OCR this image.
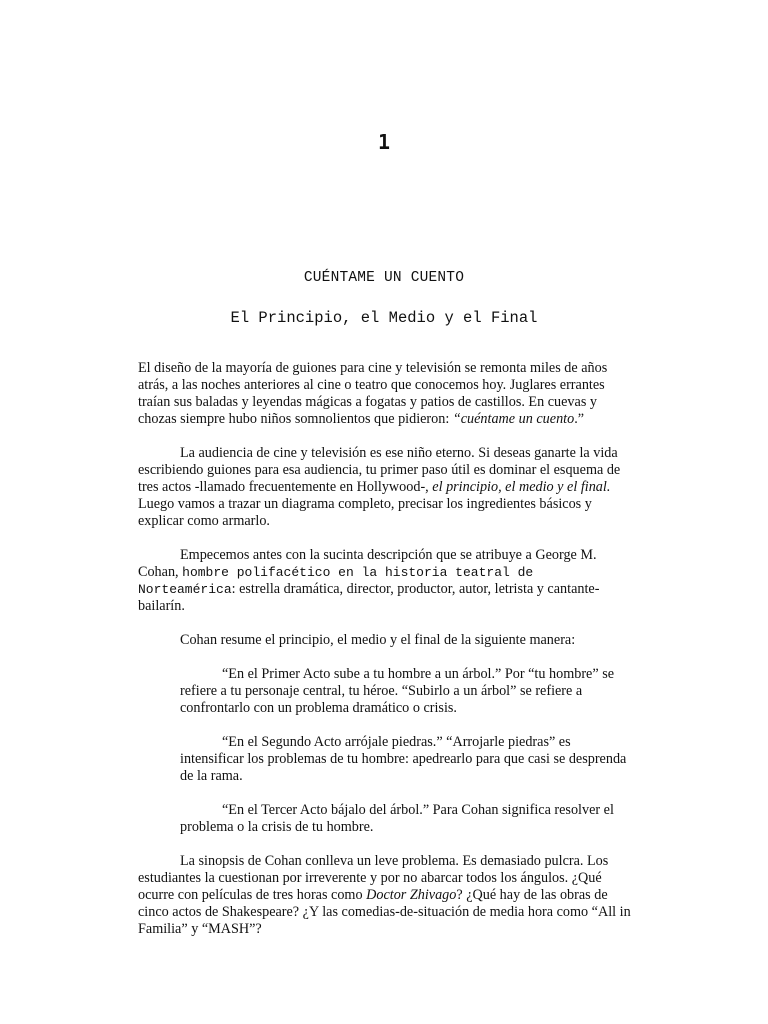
1
CUÉNTAME UN CUENTO
El Principio, el Medio y el Final

El diseño de la mayoría de guiones para cine y televisión se remonta miles de años atrás, a las noches anteriores al cine o teatro que conocemos hoy. Juglares errantes traían sus baladas y leyendas mágicas a fogatas y patios de castillos. En cuevas y chozas siempre hubo niños somnolientos que pidieron: “cuéntame un cuento.”

La audiencia de cine y televisión es ese niño eterno. Si deseas ganarte la vida escribiendo guiones para esa audiencia, tu primer paso útil es dominar el esquema de tres actos -llamado frecuentemente en Hollywood-, el principio, el medio y el final. Luego vamos a trazar un diagrama completo, precisar los ingredientes básicos y explicar como armarlo.

Empecemos antes con la sucinta descripción que se atribuye a George M. Cohan, hombre polifacético en la historia teatral de Norteamérica: estrella dramática, director, productor, autor, letrista y cantante-bailarín.

Cohan resume el principio, el medio y el final de la siguiente manera:

“En el Primer Acto sube a tu hombre a un árbol.” Por “tu hombre” se refiere a tu personaje central, tu héroe. “Subirlo a un árbol” se refiere a confrontarlo con un problema dramático o crisis.

“En el Segundo Acto arrójale piedras.” “Arrojarle piedras” es intensificar los problemas de tu hombre: apedrearlo para que casi se desprenda de la rama.

“En el Tercer Acto bájalo del árbol.” Para Cohan significa resolver el problema o la crisis de tu hombre.

La sinopsis de Cohan conlleva un leve problema. Es demasiado pulcra. Los estudiantes la cuestionan por irreverente y por no abarcar todos los ángulos. ¿Qué ocurre con películas de tres horas como Doctor Zhivago? ¿Qué hay de las obras de cinco actos de Shakespeare? ¿Y las comedias-de-situación de media hora como “All in Familia” y “MASH”?
